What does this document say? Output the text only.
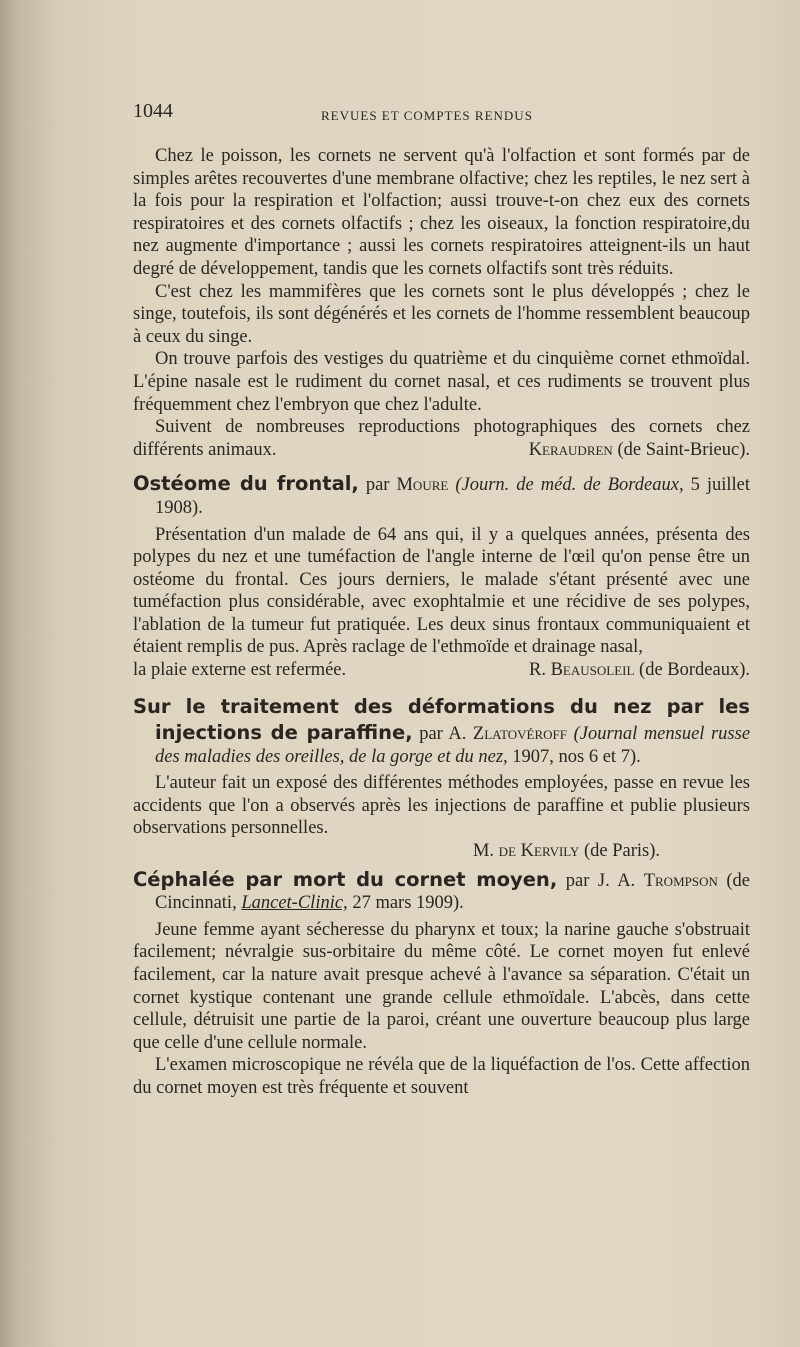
1044	REVUES ET COMPTES RENDUS

Chez le poisson, les cornets ne servent qu'à l'olfaction et sont formés par de simples arêtes recouvertes d'une membrane olfactive; chez les reptiles, le nez sert à la fois pour la respiration et l'olfaction; aussi trouve-t-on chez eux des cornets respiratoires et des cornets olfactifs ; chez les oiseaux, la fonction respiratoire,du nez augmente d'importance ; aussi les cornets respiratoires atteignent-ils un haut degré de développement, tandis que les cornets olfactifs sont très réduits.

C'est chez les mammifères que les cornets sont le plus développés ; chez le singe, toutefois, ils sont dégénérés et les cornets de l'homme ressemblent beaucoup à ceux du singe.

On trouve parfois des vestiges du quatrième et du cinquième cornet ethmoïdal. L'épine nasale est le rudiment du cornet nasal, et ces rudiments se trouvent plus fréquemment chez l'embryon que chez l'adulte.

Suivent de nombreuses reproductions photographiques des cornets chez différents animaux.	Keraudren (de Saint-Brieuc).

Ostéome du frontal, par Moure (Journ. de méd. de Bordeaux, 5 juillet 1908).

Présentation d'un malade de 64 ans qui, il y a quelques années, présenta des polypes du nez et une tuméfaction de l'angle interne de l'œil qu'on pense être un ostéome du frontal. Ces jours derniers, le malade s'étant présenté avec une tuméfaction plus considérable, avec exophtalmie et une récidive de ses polypes, l'ablation de la tumeur fut pratiquée. Les deux sinus frontaux communiquaient et étaient remplis de pus. Après raclage de l'ethmoïde et drainage nasal,

la plaie externe est refermée.	R. Beausoleil (de Bordeaux).

Sur le traitement des déformations du nez par les injections de paraffine, par A. Zlatovéroff (Journal mensuel russe des maladies des oreilles, de la gorge et du nez, 1907, nos 6 et 7).

L'auteur fait un exposé des différentes méthodes employées, passe en revue les accidents que l'on a observés après les injections de paraffine et publie plusieurs observations personnelles.

M. de Kervily (de Paris).

Céphalée par mort du cornet moyen, par J. A. Trompson (de Cincinnati, Lancet-Clinic, 27 mars 1909).

Jeune femme ayant sécheresse du pharynx et toux; la narine gauche s'obstruait facilement; névralgie sus-orbitaire du même côté. Le cornet moyen fut enlevé facilement, car la nature avait presque achevé à l'avance sa séparation. C'était un cornet kystique contenant une grande cellule ethmoïdale. L'abcès, dans cette cellule, détruisit une partie de la paroi, créant une ouverture beaucoup plus large que celle d'une cellule normale.

L'examen microscopique ne révéla que de la liquéfaction de l'os. Cette affection du cornet moyen est très fréquente et souvent
